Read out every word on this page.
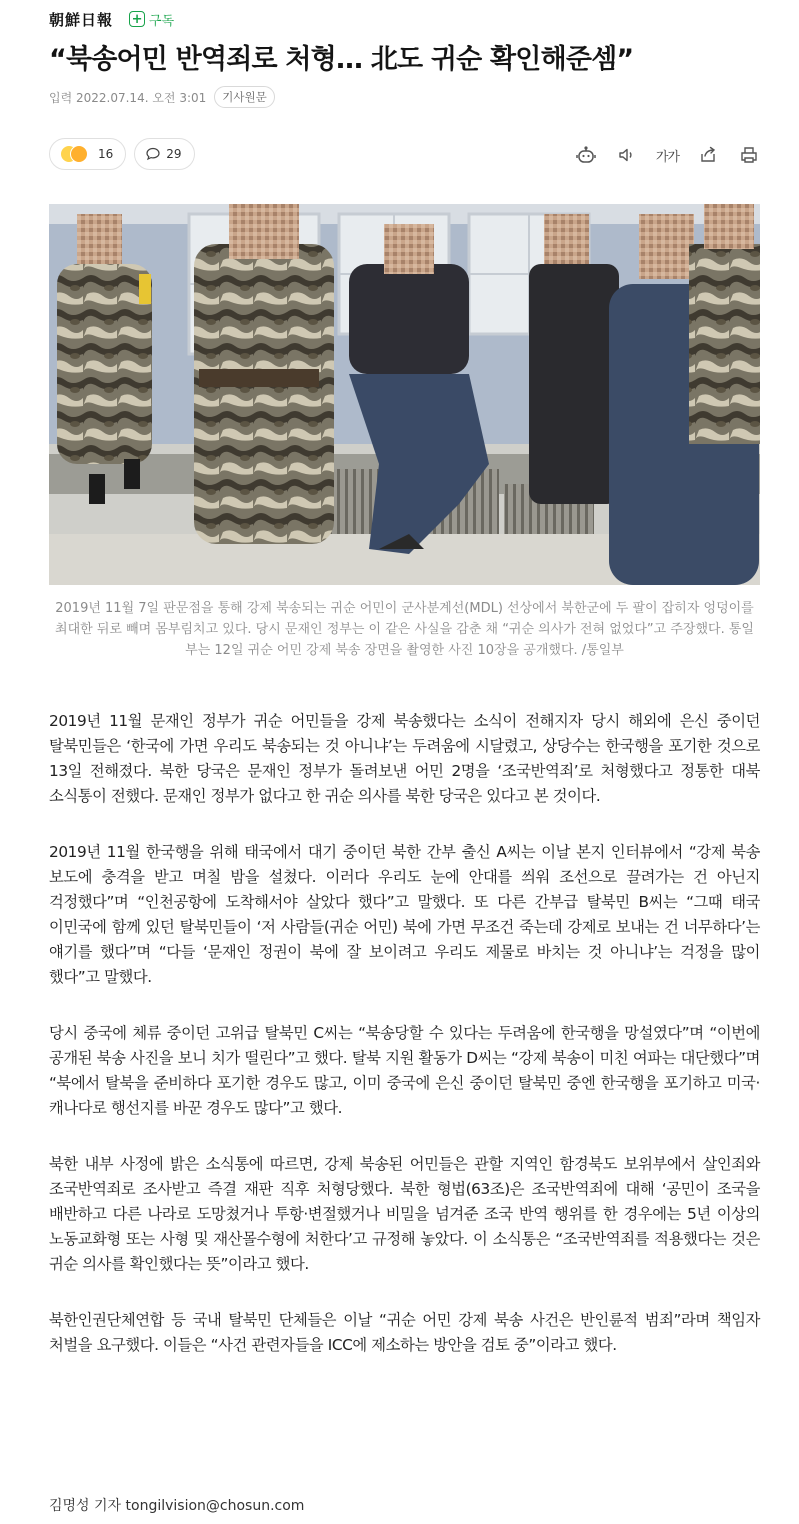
朝鮮日報 + 구독
“북송어민 반역죄로 처형… 北도 귀순 확인해준셈”
입력 2022.07.14. 오전 3:01	기사원문
16	29	가가

2019년 11월 7일 판문점을 통해 강제 북송되는 귀순 어민이 군사분계선(MDL) 선상에서 북한군에 두 팔이 잡히자 엉덩이를 최대한 뒤로 빼며 몸부림치고 있다. 당시 문재인 정부는 이 같은 사실을 감춘 채 “귀순 의사가 전혀 없었다”고 주장했다. 통일부는 12일 귀순 어민 강제 북송 장면을 촬영한 사진 10장을 공개했다. /통일부

2019년 11월 문재인 정부가 귀순 어민들을 강제 북송했다는 소식이 전해지자 당시 해외에 은신 중이던 탈북민들은 ‘한국에 가면 우리도 북송되는 것 아니냐’는 두려움에 시달렸고, 상당수는 한국행을 포기한 것으로 13일 전해졌다. 북한 당국은 문재인 정부가 돌려보낸 어민 2명을 ‘조국반역죄’로 처형했다고 정통한 대북 소식통이 전했다. 문재인 정부가 없다고 한 귀순 의사를 북한 당국은 있다고 본 것이다.

2019년 11월 한국행을 위해 태국에서 대기 중이던 북한 간부 출신 A씨는 이날 본지 인터뷰에서 “강제 북송 보도에 충격을 받고 며칠 밤을 설쳤다. 이러다 우리도 눈에 안대를 씌워 조선으로 끌려가는 건 아닌지 걱정했다”며 “인천공항에 도착해서야 살았다 했다”고 말했다. 또 다른 간부급 탈북민 B씨는 “그때 태국 이민국에 함께 있던 탈북민들이 ‘저 사람들(귀순 어민) 북에 가면 무조건 죽는데 강제로 보내는 건 너무하다’는 얘기를 했다”며 “다들 ‘문재인 정권이 북에 잘 보이려고 우리도 제물로 바치는 것 아니냐’는 걱정을 많이 했다”고 말했다.

당시 중국에 체류 중이던 고위급 탈북민 C씨는 “북송당할 수 있다는 두려움에 한국행을 망설였다”며 “이번에 공개된 북송 사진을 보니 치가 떨린다”고 했다. 탈북 지원 활동가 D씨는 “강제 북송이 미친 여파는 대단했다”며 “북에서 탈북을 준비하다 포기한 경우도 많고, 이미 중국에 은신 중이던 탈북민 중엔 한국행을 포기하고 미국·캐나다로 행선지를 바꾼 경우도 많다”고 했다.

북한 내부 사정에 밝은 소식통에 따르면, 강제 북송된 어민들은 관할 지역인 함경북도 보위부에서 살인죄와 조국반역죄로 조사받고 즉결 재판 직후 처형당했다. 북한 형법(63조)은 조국반역죄에 대해 ‘공민이 조국을 배반하고 다른 나라로 도망쳤거나 투항·변절했거나 비밀을 넘겨준 조국 반역 행위를 한 경우에는 5년 이상의 노동교화형 또는 사형 및 재산몰수형에 처한다’고 규정해 놓았다. 이 소식통은 “조국반역죄를 적용했다는 것은 귀순 의사를 확인했다는 뜻”이라고 했다.

북한인권단체연합 등 국내 탈북민 단체들은 이날 “귀순 어민 강제 북송 사건은 반인륜적 범죄”라며 책임자 처벌을 요구했다. 이들은 “사건 관련자들을 ICC에 제소하는 방안을 검토 중”이라고 했다.

김명성 기자 tongilvision@chosun.com
